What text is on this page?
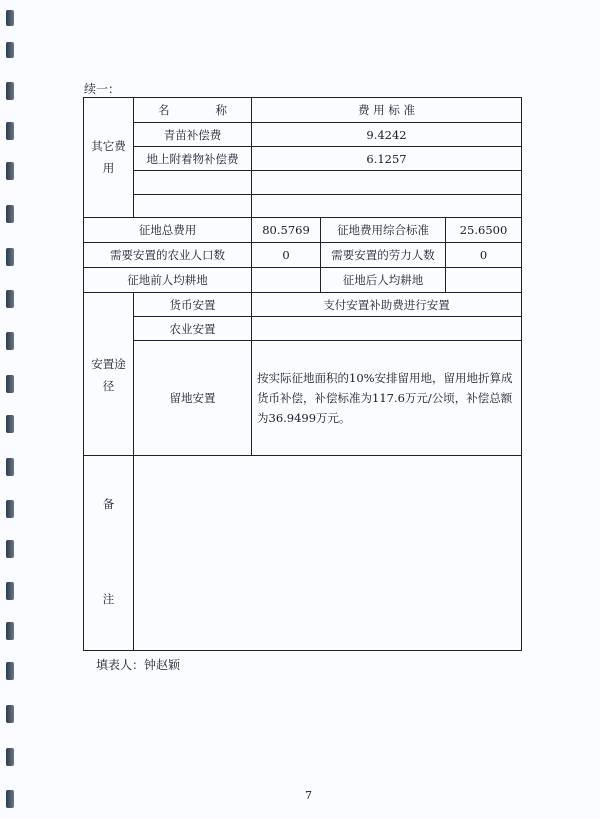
续一：
其它费用	名　　　　称	费 用 标 准		
	青苗补偿费	9.4242		
	地上附着物补偿费	6.1257		

征地总费用		80.5769	征地费用综合标准	25.6500
需要安置的农业人口数		0	需要安置的劳力人数	0
征地前人均耕地			征地后人均耕地	
安置途径	货币安置	支付安置补助费进行安置		
	农业安置			
	留地安置	按实际征地面积的10%安排留用地，留用地折算成货币补偿，补偿标准为117.6万元/公顷，补偿总额为36.9499万元。		

备
注				

填表人：钟赵颖
7
